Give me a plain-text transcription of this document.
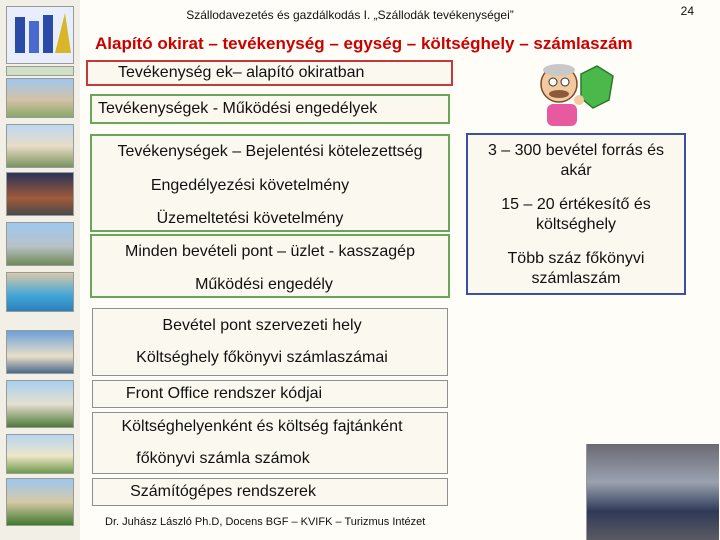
Szállodavezetés és gazdálkodás I. „Szállodák tevékenységei”	24
Alapító okirat – tevékenység – egység – költséghely – számlaszám
Tevékenység ek– alapító okiratban
Tevékenységek - Működési engedélyek
Tevékenységek – Bejelentési kötelezettség
Engedélyezési követelmény
Üzemeltetési követelmény
Minden bevételi pont – üzlet - kasszagép
Működési engedély
Bevétel pont szervezeti hely
Költséghely főkönyvi számlaszámai
Front Office rendszer kódjai
Költséghelyenként és költség fajtánként
főkönyvi számla számok
Számítógépes rendszerek
3 – 300 bevétel forrás és akár
15 – 20 értékesítő és költséghely
Több száz főkönyvi számlaszám
Dr. Juhász László Ph.D, Docens BGF – KVIFK – Turizmus Intézet
